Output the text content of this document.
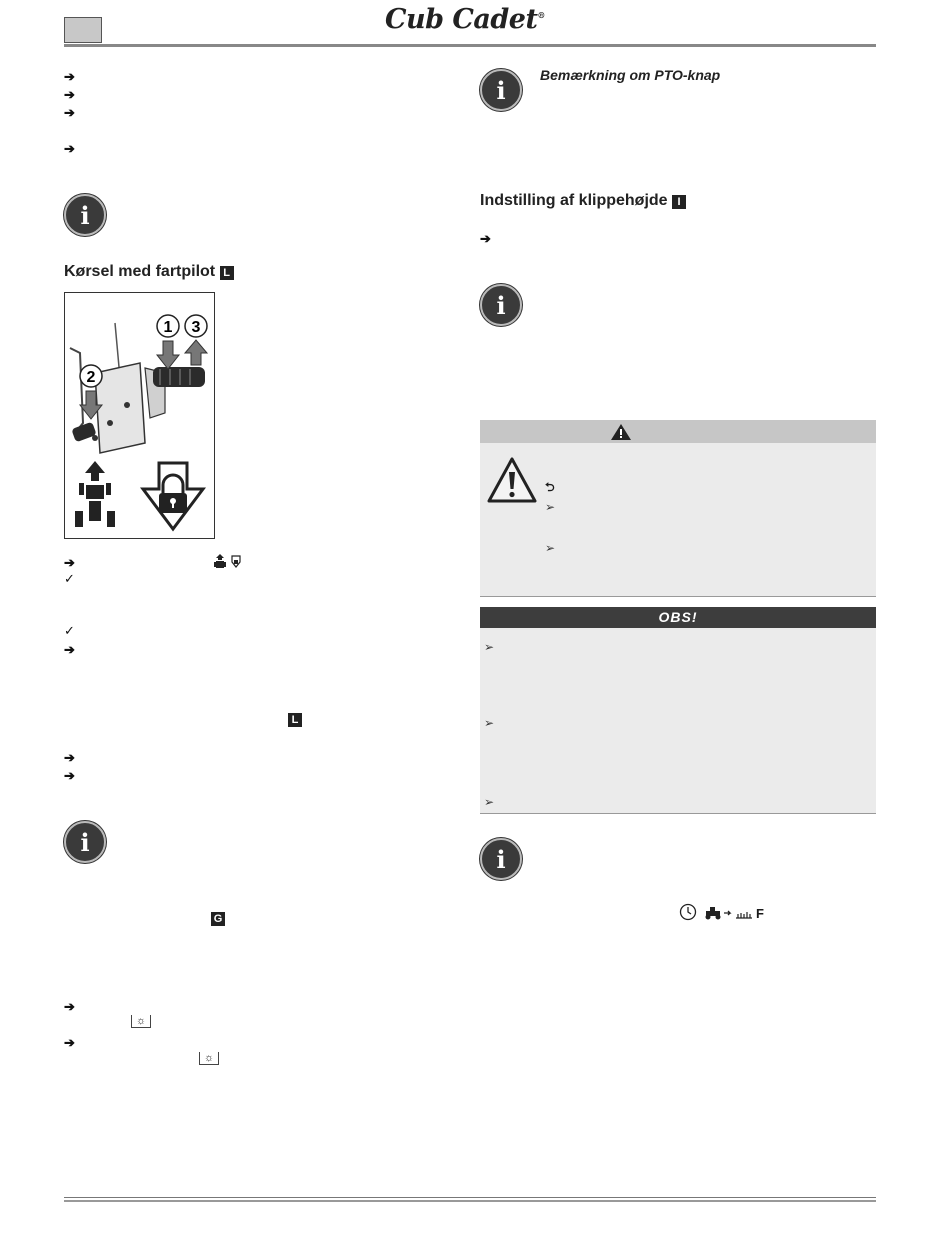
Cub Cadet®
➔
➔
➔
➔
i
Kørsel med fartpilot L
1 3
2
➔
✓
✓
➔
L
➔
➔
i
G
➔
☼
➔
☼
i
Bemærkning om PTO-knap
Indstilling af klippehøjde I
➔
i
⮌
➢
➢
OBS!
➢
➢
➢
i
F
